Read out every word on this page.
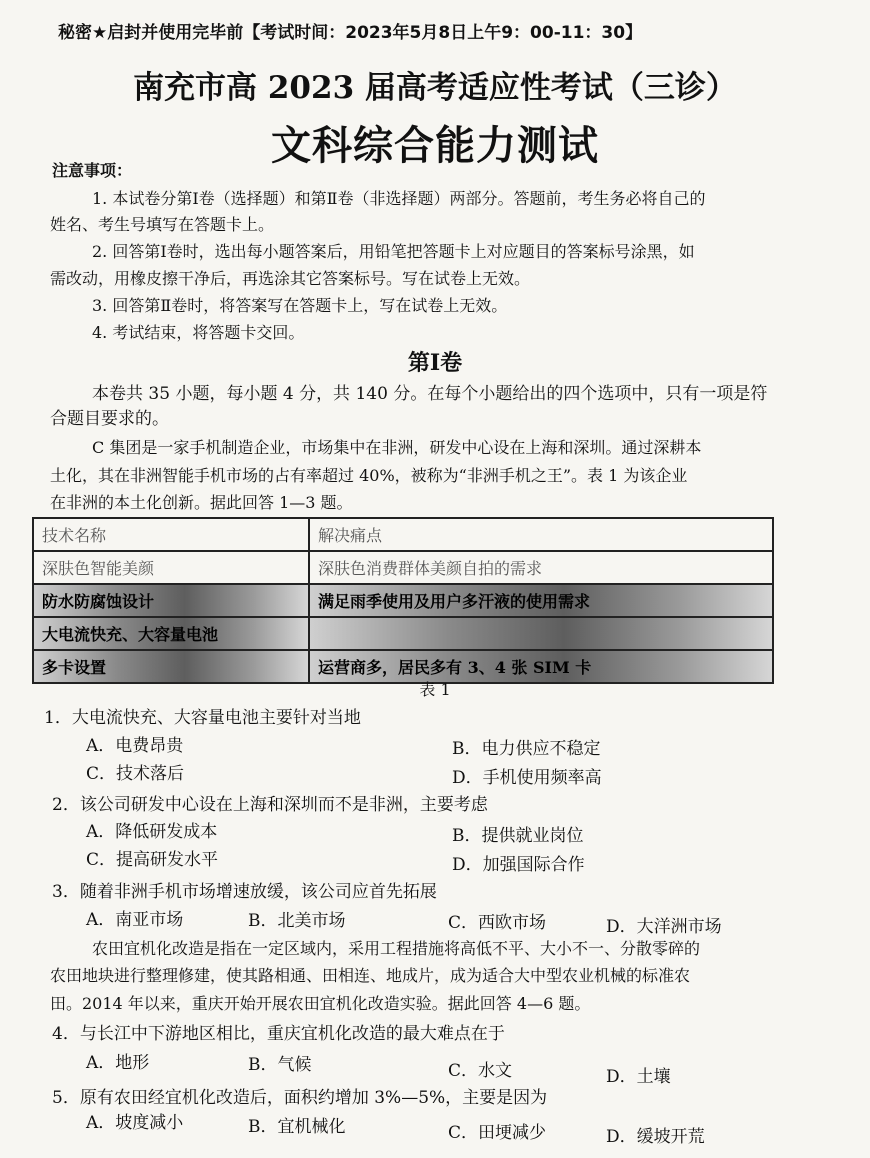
秘密★启封并使用完毕前【考试时间：2023年5月8日上午9：00-11：30】
南充市高 2023 届高考适应性考试（三诊）
文科综合能力测试
注意事项：
1. 本试卷分第Ⅰ卷（选择题）和第Ⅱ卷（非选择题）两部分。答题前，考生务必将自己的
姓名、考生号填写在答题卡上。
2. 回答第Ⅰ卷时，选出每小题答案后，用铅笔把答题卡上对应题目的答案标号涂黑，如
需改动，用橡皮擦干净后，再选涂其它答案标号。写在试卷上无效。
3. 回答第Ⅱ卷时，将答案写在答题卡上，写在试卷上无效。
4. 考试结束，将答题卡交回。
第Ⅰ卷
本卷共 35 小题，每小题 4 分，共 140 分。在每个小题给出的四个选项中，只有一项是符
合题目要求的。
C 集团是一家手机制造企业，市场集中在非洲，研发中心设在上海和深圳。通过深耕本
土化，其在非洲智能手机市场的占有率超过 40%，被称为“非洲手机之王”。表 1 为该企业
在非洲的本土化创新。据此回答 1—3 题。
技术名称	解决痛点
深肤色智能美颜	深肤色消费群体美颜自拍的需求
防水防腐蚀设计	满足雨季使用及用户多汗液的使用需求
大电流快充、大容量电池	
多卡设置	运营商多，居民多有 3、4 张 SIM 卡
表 1
1．大电流快充、大容量电池主要针对当地
A．电费昂贵	B．电力供应不稳定
C．技术落后	D．手机使用频率高
2．该公司研发中心设在上海和深圳而不是非洲，主要考虑
A．降低研发成本	B．提供就业岗位
C．提高研发水平	D．加强国际合作
3．随着非洲手机市场增速放缓，该公司应首先拓展
A．南亚市场	B．北美市场	C．西欧市场	D．大洋洲市场
农田宜机化改造是指在一定区域内，采用工程措施将高低不平、大小不一、分散零碎的
农田地块进行整理修建，使其路相通、田相连、地成片，成为适合大中型农业机械的标准农
田。2014 年以来，重庆开始开展农田宜机化改造实验。据此回答 4—6 题。
4．与长江中下游地区相比，重庆宜机化改造的最大难点在于
A．地形	B．气候	C．水文	D．土壤
5．原有农田经宜机化改造后，面积约增加 3%—5%，主要是因为
A．坡度减小	B．宜机械化	C．田埂减少	D．缓坡开荒
